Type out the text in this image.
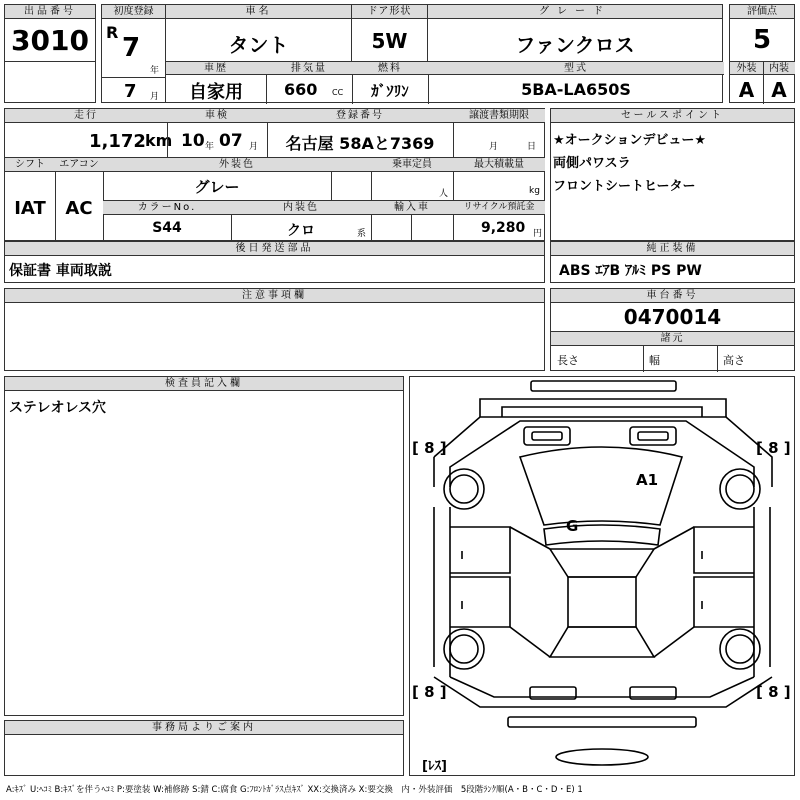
出品番号
3010
初度登録
R
7
年
7 月
車名
タント
ドア形状
5W
グレード
ファンクロス
評価点
5
車歴
自家用
排気量
660 CC
燃料
ｶﾞｿﾘﾝ
型式
5BA-LA650S
外装	内装
A A
走行
1,172 km
車検
10 年 07 月
登録番号
名古屋 58Aと7369
譲渡書類期限
月	日
セールスポイント
★オークションデビュー★
両側パワスラ
フロントシートヒーター
シフト
IAT
エアコン
AC
外装色
グレー
乗車定員
人
最大積載量
kg
カラーNo.
S44
内装色
クロ	系
輸入車	リサイクル預託金
9,280 円
後日発送部品
保証書 車両取説
純正装備
ABS ｴｱB ｱﾙﾐ PS PW
注意事項欄	車台番号
0470014
諸元
長さ	幅	高さ
検査員記入欄
ステレオレス穴
事務局よりご案内
[ 8 ]	[ 8 ]
[ 8 ]	[ 8 ]
[ﾚｽ]
A1
G
A:ｷｽﾞ U:ﾍｺﾐ B:ｷｽﾞを伴うﾍｺﾐ P:要塗装 W:補修跡 S:錆 C:腐食 G:ﾌﾛﾝﾄｶﾞﾗｽ点ｷｽﾞ XX:交換済み X:要交換　内・外装評価　5段階ﾗﾝｸ順(A・B・C・D・E) 1
